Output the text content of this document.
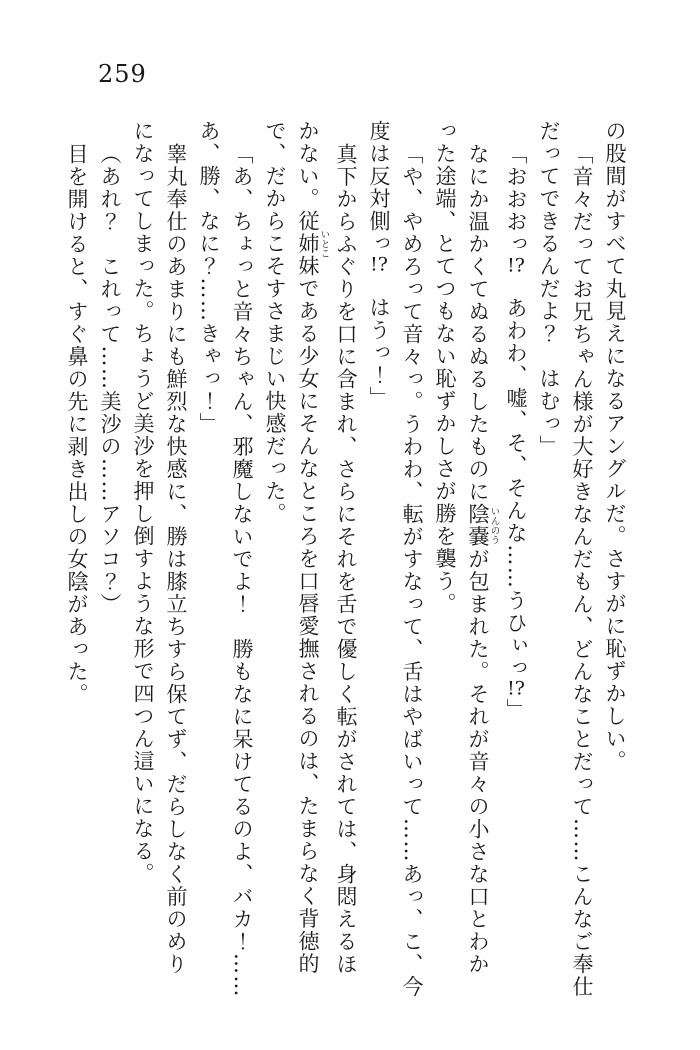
259
の股間がすべて丸見えになるアングルだ。さすがに恥ずかしい。
「音々だってお兄ちゃん様が大好きなんだもん、どんなことだって……こんなご奉仕
だってできるんだよ？　はむっ」
「おおおっ!?　あわわ、嘘、そ、そんな……うひぃっ!?」
なにか温かくてぬるぬるしたものに陰嚢いんのうが包まれた。それが音々の小さな口とわか
った途端、とてつもない恥ずかしさが勝を襲う。
「や、やめろって音々っ。うわわ、転がすなって、舌はやばいって……あっ、こ、今
度は反対側っ!?　はうっ！」
真下からふぐりを口に含まれ、さらにそれを舌で優しく転がされては、身悶えるほ
かない。従姉妹いとこである少女にそんなところを口唇愛撫されるのは、たまらなく背徳的
で、だからこそすさまじい快感だった。
「あ、ちょっと音々ちゃん、邪魔しないでよ！　勝もなに呆けてるのよ、バカ！……
あ、勝、なに？……きゃっ！」
睾丸奉仕のあまりにも鮮烈な快感に、勝は膝立ちすら保てず、だらしなく前のめり
になってしまった。ちょうど美沙を押し倒すような形で四つん這いになる。
（あれ？　これって……美沙の……アソコ？）
目を開けると、すぐ鼻の先に剥き出しの女陰があった。
